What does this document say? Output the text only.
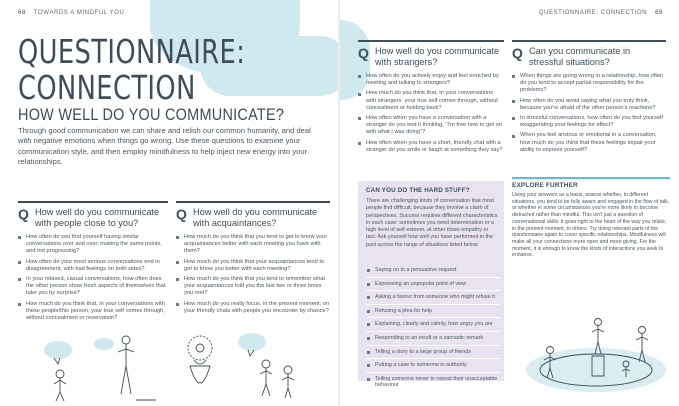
68 TOWARDS A MINDFUL YOU
QUESTIONNAIRE:
CONNECTION
HOW WELL DO YOU COMMUNICATE?

Through good communication we can share and relish our common humanity, and deal with negative emotions when things go wrong. Use these questions to examine your communication style, and then employ mindfulness to help inject new energy into your relationships.

Q How well do you communicate with people close to you?
How often do you find yourself having similar conversations over and over, making the same points, and not progressing?
How often do your most serious conversations end in disagreement, with bad feelings on both sides?
In your relaxed, casual conversations, how often does the other person show fresh aspects of themselves that take you by surprise?
How much do you think that, in your conversations with these people/this person, your true self comes through, without concealment or reservation?
Q How well do you communicate with acquaintances?
How much do you think that you tend to get to know your acquaintances better with each meeting you have with them?
How much do you think that your acquaintances tend to get to know you better with each meeting?
How much do you think that you tend to remember what your acquaintances told you the last two or three times you met?
How much do you really focus, in the present moment, on your friendly chats with people you encounter by chance?
QUESTIONNAIRE: CONNECTION 69
Q How well do you communicate with strangers?
How often do you actively enjoy and feel enriched by meeting and talking to strangers?
How much do you think that, in your conversations with strangers, your true self comes through, without concealment or holding back?
How often when you have a conversation with a stranger do you end it thinking, "I'm free now to get on with what I was doing"?
How often when you have a short, friendly chat with a stranger do you smile or laugh at something they say?
Q Can you communicate in stressful situations?
When things are going wrong in a relationship, how often do you tend to accept partial responsibility for the problems?
How often do you avoid saying what you truly think, because you're afraid of the other person's reactions?
In stressful conversations, how often do you find yourself exaggerating your feelings for effect?
When you feel anxious or emotional in a conversation, how much do you think that these feelings impair your ability to express yourself?
CAN YOU DO THE HARD STUFF?

There are challenging kinds of conversation that most people find difficult, because they involve a clash of perspectives. Success requires different characteristics in each case: sometimes you need determination or a high level of self-esteem, at other times empathy or tact. Ask yourself how well you have performed in the past across the range of situations listed below.

Saying no to a persuasive request
Expressing an unpopular point of view
Asking a favour from someone who might refuse it
Refusing a plea for help
Explaining, clearly and calmly, how angry you are
Responding to an insult or a sarcastic remark
Telling a story to a large group of friends
Putting a case to someone in authority
Telling someone never to repeat their unacceptable behaviour
EXPLORE FURTHER

Using your answers as a basis, assess whether, in different situations, you tend to be fully aware and engaged in the flow of talk, or whether in some circumstances you're more likely to become distracted rather than mindful. This isn't just a question of conversational skills: it goes right to the heart of the way you relate, in the present moment, to others. Try doing relevant parts of the questionnaire again to cover specific relationships. Mindfulness will make all your connections more open and more giving. For the moment, it is enough to know the kinds of interactions you seek to enhance.
